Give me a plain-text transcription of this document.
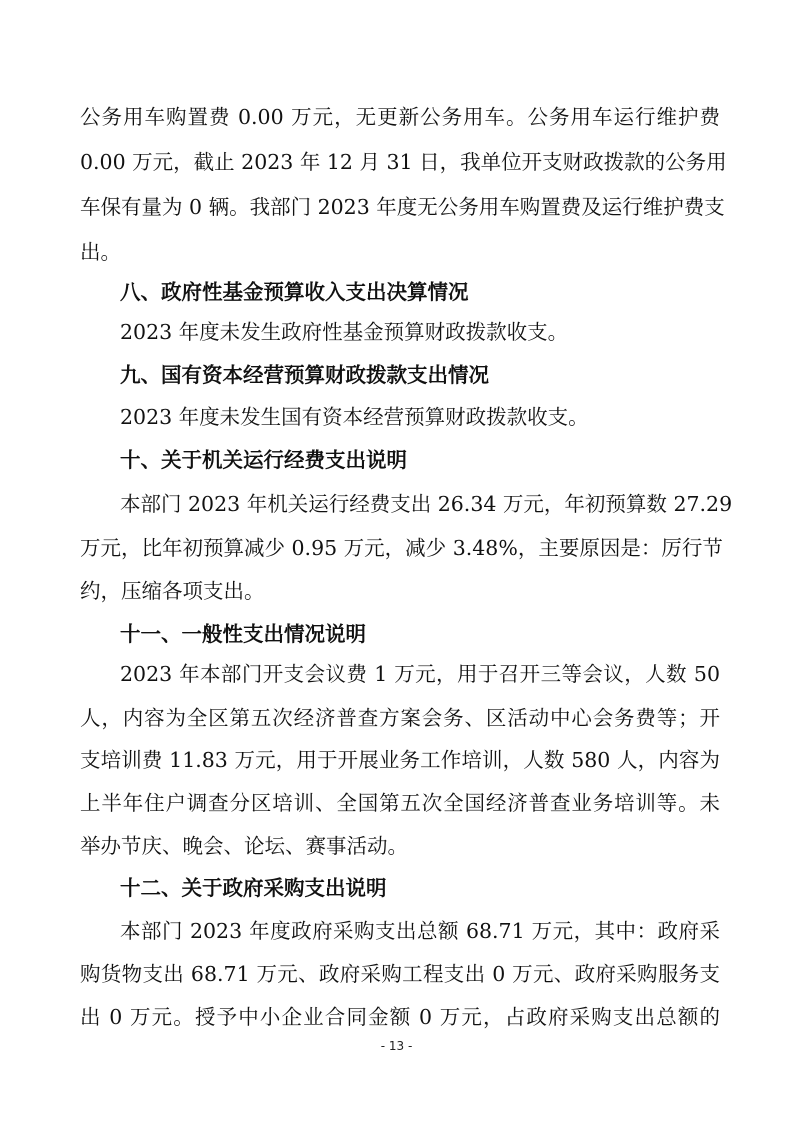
公务用车购置费 0.00 万元，无更新公务用车。公务用车运行维护费
0.00 万元，截止 2023 年 12 月 31 日，我单位开支财政拨款的公务用
车保有量为 0 辆。我部门 2023 年度无公务用车购置费及运行维护费支
出。
八、政府性基金预算收入支出决算情况
2023 年度未发生政府性基金预算财政拨款收支。
九、国有资本经营预算财政拨款支出情况
2023 年度未发生国有资本经营预算财政拨款收支。
十、关于机关运行经费支出说明
本部门 2023 年机关运行经费支出 26.34 万元，年初预算数 27.29
万元，比年初预算减少 0.95 万元，减少 3.48%，主要原因是：厉行节
约，压缩各项支出。
十一、一般性支出情况说明
2023 年本部门开支会议费 1 万元，用于召开三等会议，人数 50
人，内容为全区第五次经济普查方案会务、区活动中心会务费等；开
支培训费 11.83 万元，用于开展业务工作培训，人数 580 人，内容为
上半年住户调查分区培训、全国第五次全国经济普查业务培训等。未
举办节庆、晚会、论坛、赛事活动。
十二、关于政府采购支出说明
本部门 2023 年度政府采购支出总额 68.71 万元，其中：政府采
购货物支出 68.71 万元、政府采购工程支出 0 万元、政府采购服务支
出 0 万元。授予中小企业合同金额 0 万元，占政府采购支出总额的
- 13 -
